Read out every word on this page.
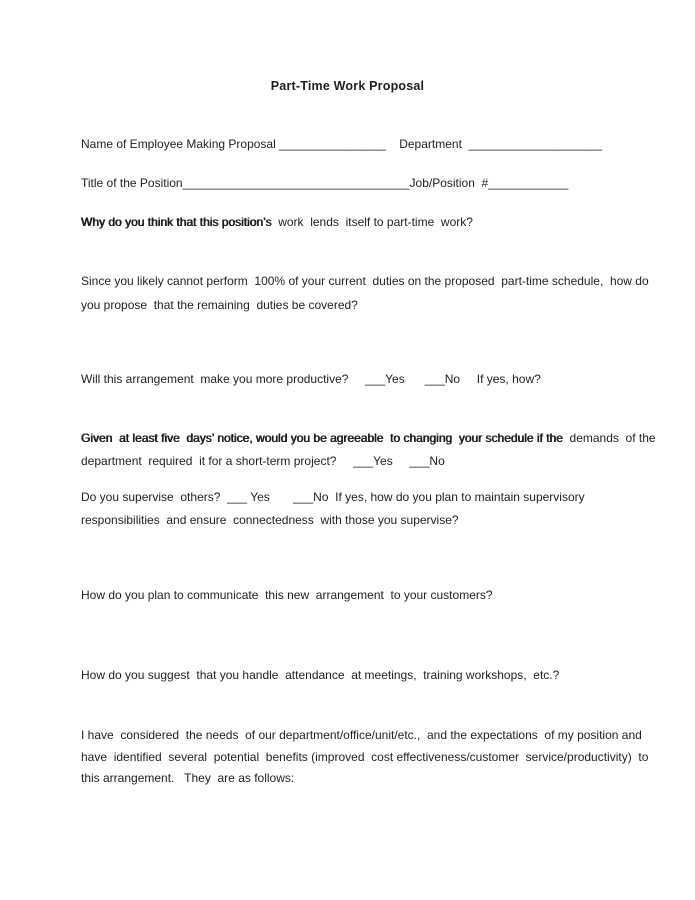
Part-Time Work Proposal
Name of Employee Making Proposal ________________    Department  ____________________
Title of the Position__________________________________Job/Position  #____________
Why do you think that this position’s  work  lends  itself to part-time  work?
Since you likely cannot perform  100% of your current  duties on the proposed  part-time schedule,  how do
you propose  that the remaining  duties be covered?
Will this arrangement  make you more productive?     ___Yes      ___No     If yes, how?
Given  at least five  days’ notice, would you be agreeable  to changing  your schedule if the  demands  of the
department  required  it for a short-term project?     ___Yes     ___No
Do you supervise  others?  ___ Yes       ___No  If yes, how do you plan to maintain supervisory
responsibilities  and ensure  connectedness  with those you supervise?
How do you plan to communicate  this new  arrangement  to your customers?
How do you suggest  that you handle  attendance  at meetings,  training workshops,  etc.?
I have  considered  the needs  of our department/office/unit/etc.,  and the expectations  of my position and
have  identified  several  potential  benefits (improved  cost effectiveness/customer  service/productivity)  to
this arrangement.   They  are as follows:
